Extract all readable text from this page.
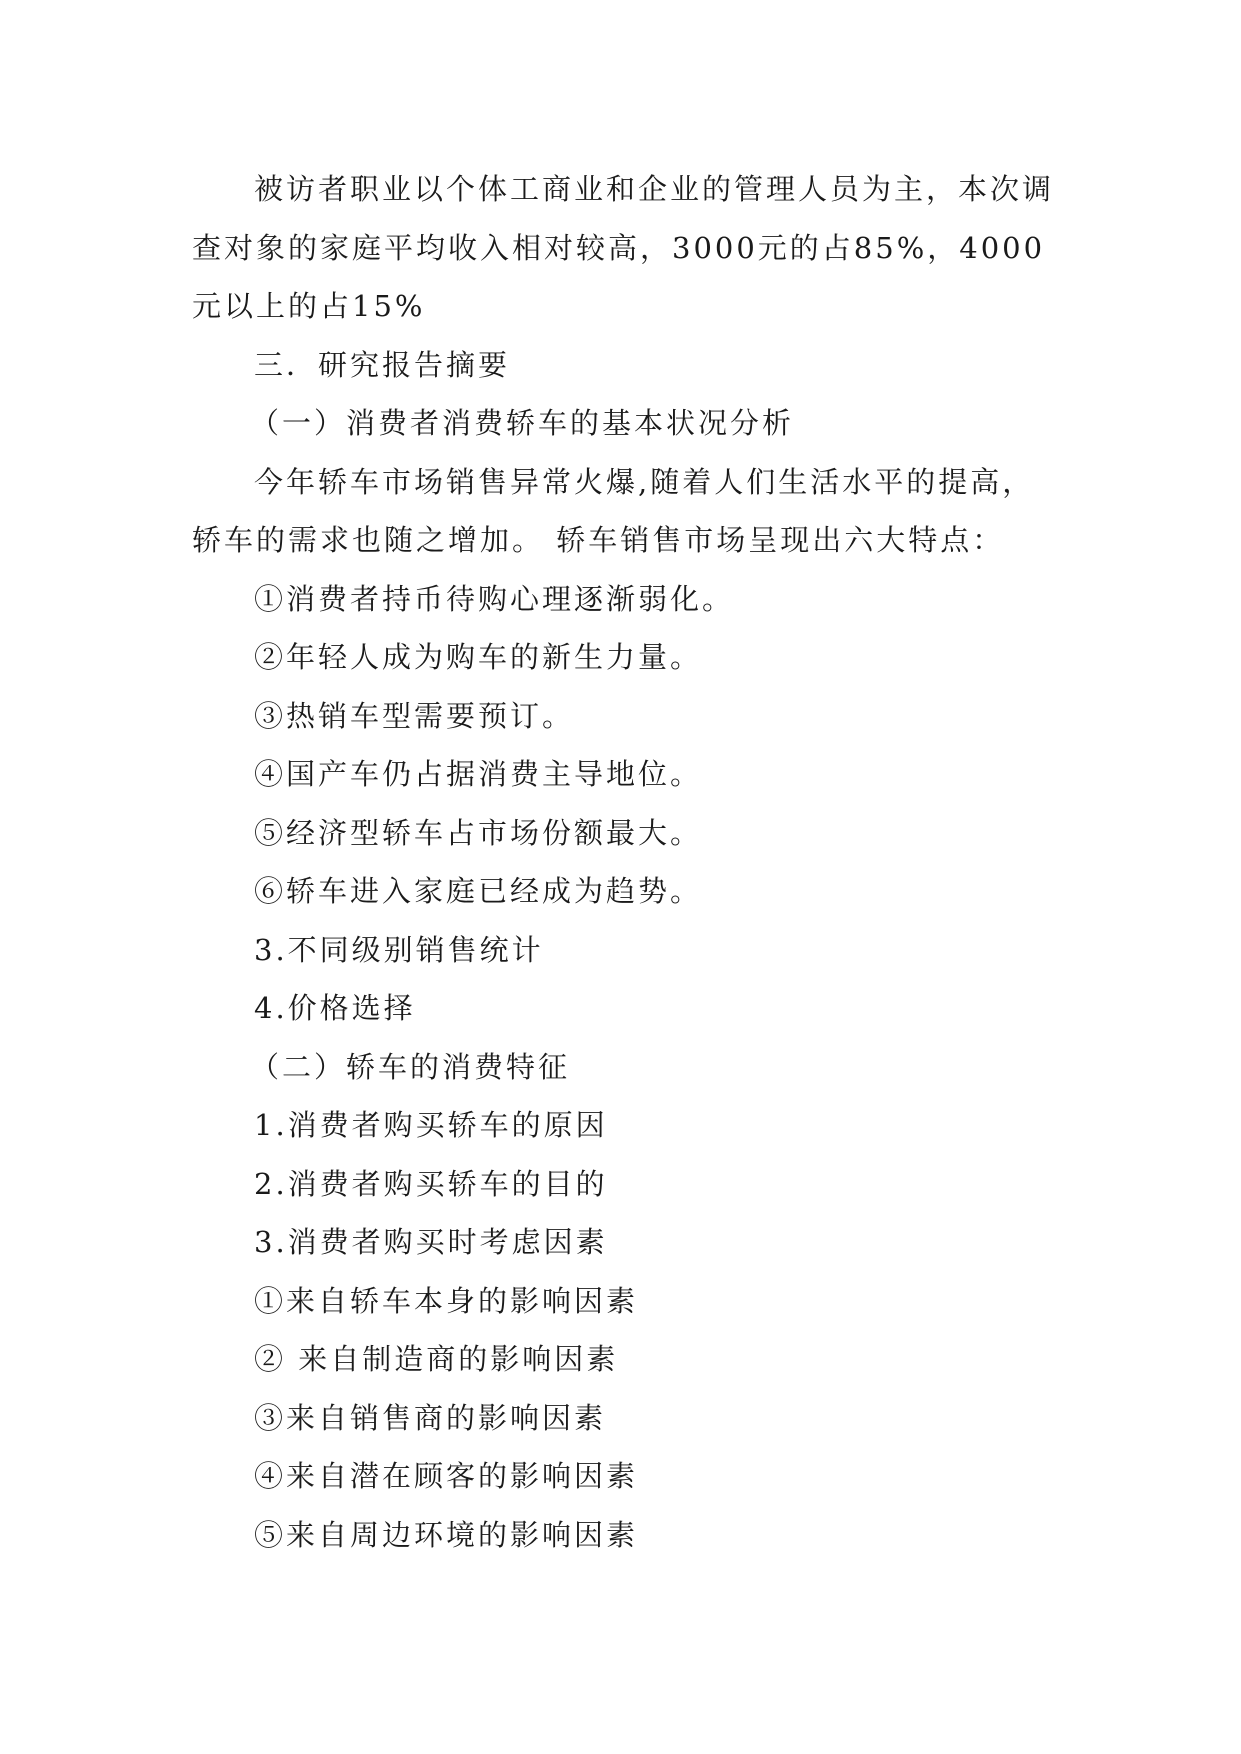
被访者职业以个体工商业和企业的管理人员为主，本次调查对象的家庭平均收入相对较高，3000元的占85%，4000元以上的占15%

三．研究报告摘要

（一）消费者消费轿车的基本状况分析

今年轿车市场销售异常火爆,随着人们生活水平的提高，轿车的需求也随之增加。 轿车销售市场呈现出六大特点：

①消费者持币待购心理逐渐弱化。

②年轻人成为购车的新生力量。

③热销车型需要预订。

④国产车仍占据消费主导地位。

⑤经济型轿车占市场份额最大。

⑥轿车进入家庭已经成为趋势。

3.不同级别销售统计

4.价格选择

（二）轿车的消费特征

1.消费者购买轿车的原因

2.消费者购买轿车的目的

3.消费者购买时考虑因素

①来自轿车本身的影响因素

② 来自制造商的影响因素

③来自销售商的影响因素

④来自潜在顾客的影响因素

⑤来自周边环境的影响因素
